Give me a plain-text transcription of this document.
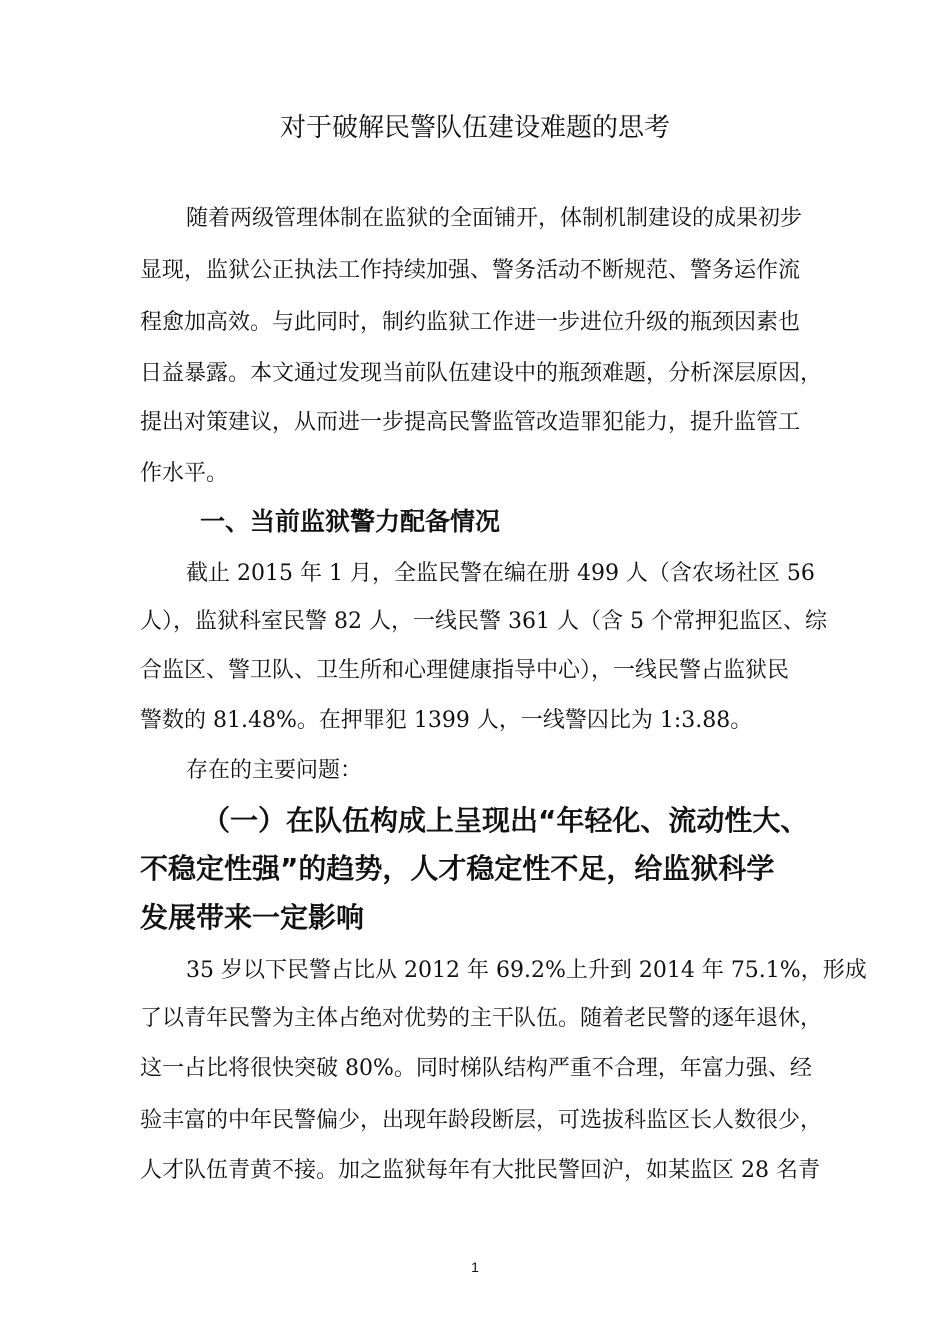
对于破解民警队伍建设难题的思考
随着两级管理体制在监狱的全面铺开，体制机制建设的成果初步
显现，监狱公正执法工作持续加强、警务活动不断规范、警务运作流
程愈加高效。与此同时，制约监狱工作进一步进位升级的瓶颈因素也
日益暴露。本文通过发现当前队伍建设中的瓶颈难题，分析深层原因，
提出对策建议，从而进一步提高民警监管改造罪犯能力，提升监管工
作水平。
一、当前监狱警力配备情况
截止 2015 年 1 月，全监民警在编在册 499 人（含农场社区 56
人），监狱科室民警 82 人，一线民警 361 人（含 5 个常押犯监区、综
合监区、警卫队、卫生所和心理健康指导中心），一线民警占监狱民
警数的 81.48%。在押罪犯 1399 人，一线警囚比为 1:3.88。
存在的主要问题：
（一）在队伍构成上呈现出“年轻化、流动性大、
不稳定性强”的趋势，人才稳定性不足，给监狱科学
发展带来一定影响
35 岁以下民警占比从 2012 年 69.2%上升到 2014 年 75.1%，形成
了以青年民警为主体占绝对优势的主干队伍。随着老民警的逐年退休，
这一占比将很快突破 80%。同时梯队结构严重不合理，年富力强、经
验丰富的中年民警偏少，出现年龄段断层，可选拔科监区长人数很少，
人才队伍青黄不接。加之监狱每年有大批民警回沪，如某监区 28 名青
1
